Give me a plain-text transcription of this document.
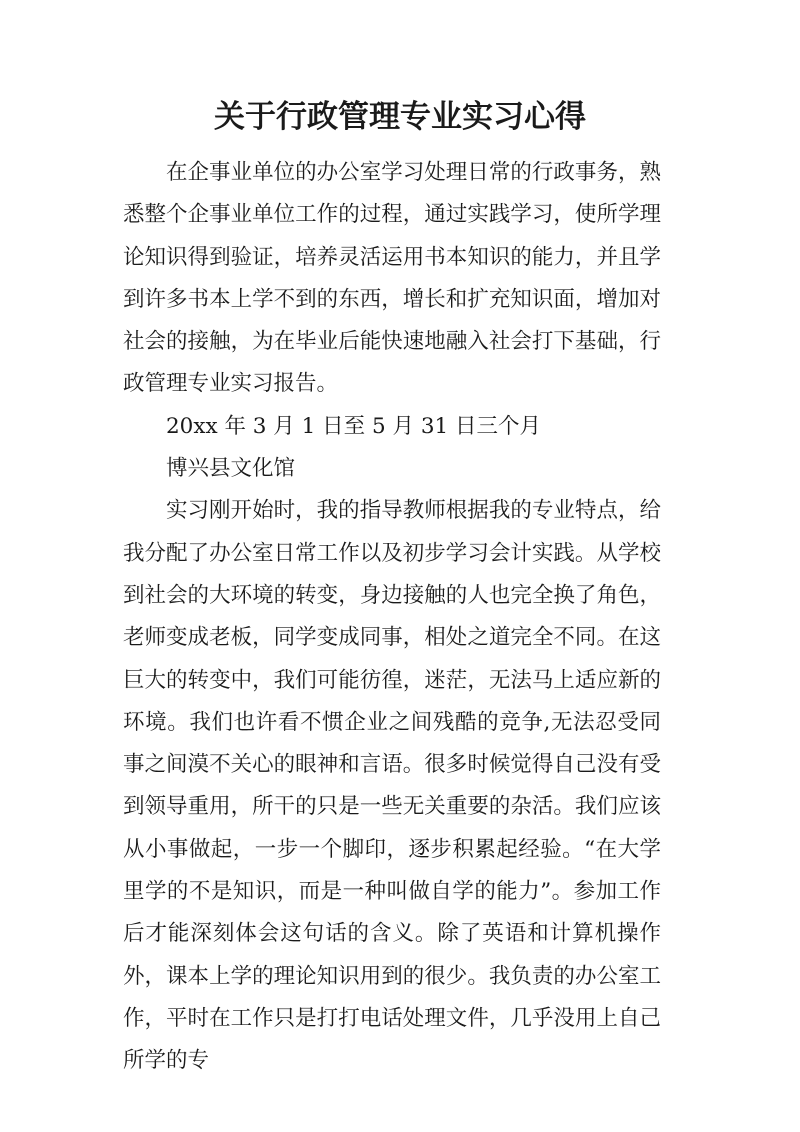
关于行政管理专业实习心得

在企事业单位的办公室学习处理日常的行政事务，熟悉整个企事业单位工作的过程，通过实践学习，使所学理论知识得到验证，培养灵活运用书本知识的能力，并且学到许多书本上学不到的东西，增长和扩充知识面，增加对社会的接触，为在毕业后能快速地融入社会打下基础，行政管理专业实习报告。

20xx 年 3 月 1 日至 5 月 31 日三个月

博兴县文化馆

实习刚开始时，我的指导教师根据我的专业特点，给我分配了办公室日常工作以及初步学习会计实践。从学校到社会的大环境的转变，身边接触的人也完全换了角色，老师变成老板，同学变成同事，相处之道完全不同。在这巨大的转变中，我们可能彷徨，迷茫，无法马上适应新的环境。我们也许看不惯企业之间残酷的竞争,无法忍受同事之间漠不关心的眼神和言语。很多时候觉得自己没有受到领导重用，所干的只是一些无关重要的杂活。我们应该从小事做起，一步一个脚印，逐步积累起经验。“在大学里学的不是知识，而是一种叫做自学的能力”。参加工作后才能深刻体会这句话的含义。除了英语和计算机操作外，课本上学的理论知识用到的很少。我负责的办公室工作，平时在工作只是打打电话处理文件，几乎没用上自己所学的专
